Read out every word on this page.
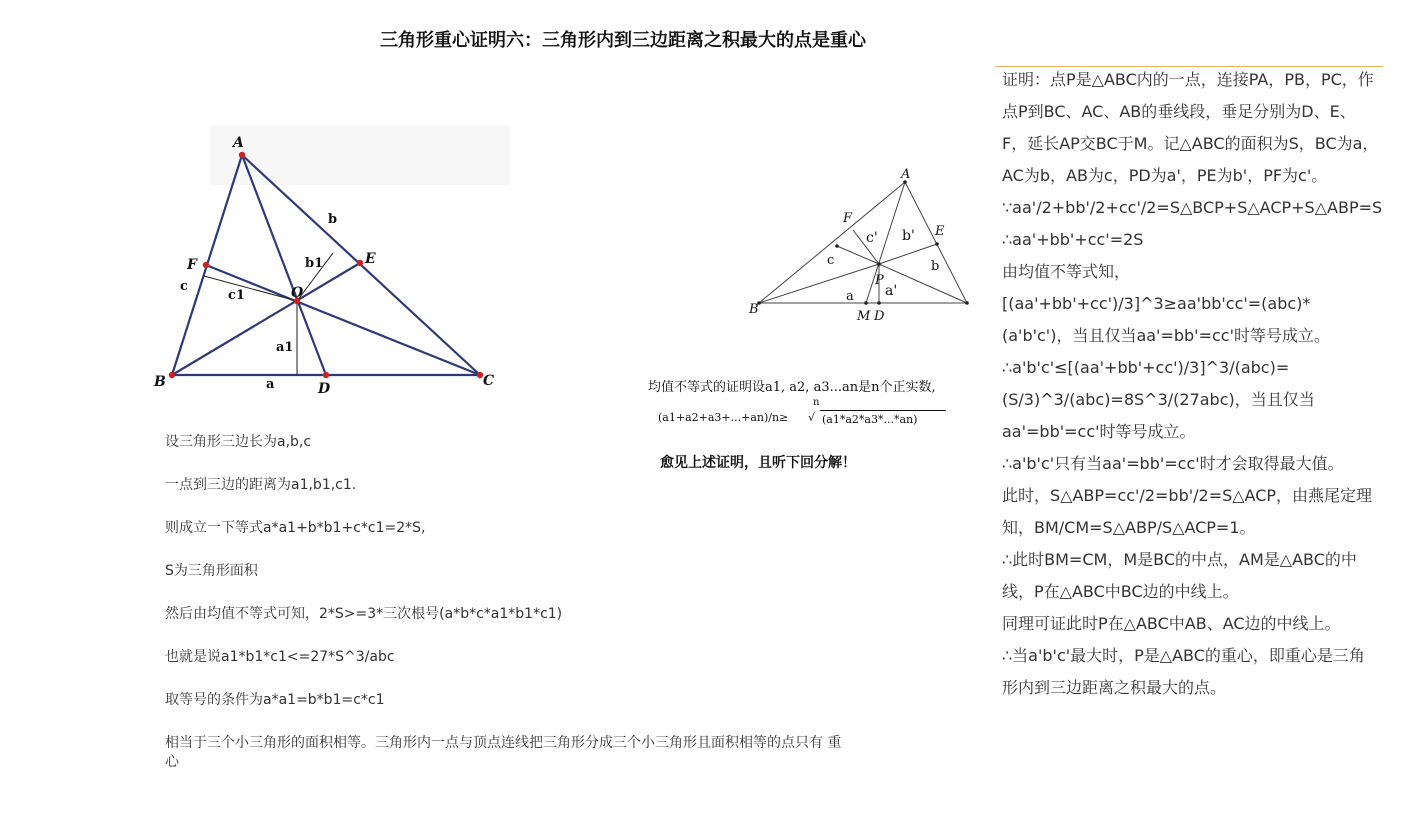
三角形重心证明六：三角形内到三边距离之积最大的点是重心
A
B	C
D
E
F
O
a
b
c
a1
b1
c1
A
B
E
F
P
M D
a
b
c
a'
b'
c'
均值不等式的证明设a1, a2, a3...an是n个正实数,
(a1+a2+a3+...+an)/n≥
n
√ (a1*a2*a3*...*an)
愈见上述证明，且听下回分解！

设三角形三边长为a,b,c

一点到三边的距离为a1,b1,c1.

则成立一下等式a*a1+b*b1+c*c1=2*S,

S为三角形面积

然后由均值不等式可知，2*S>=3*三次根号(a*b*c*a1*b1*c1)

也就是说a1*b1*c1<=27*S^3/abc

取等号的条件为a*a1=b*b1=c*c1

相当于三个小三角形的面积相等。三角形内一点与顶点连线把三角形分成三个小三角形且面积相等的点只有 重心

证明：点P是△ABC内的一点，连接PA，PB，PC，作点P到BC、AC、AB的垂线段，垂足分别为D、E、F，延长AP交BC于M。记△ABC的面积为S，BC为a，AC为b，AB为c，PD为a'，PE为b'，PF为c'。

∵aa'/2+bb'/2+cc'/2=S△BCP+S△ACP+S△ABP=S

∴aa'+bb'+cc'=2S

由均值不等式知，[(aa'+bb'+cc')/3]^3≥aa'bb'cc'=(abc)*(a'b'c')，当且仅当aa'=bb'=cc'时等号成立。

∴a'b'c'≤[(aa'+bb'+cc')/3]^3/(abc)=(S/3)^3/(abc)=8S^3/(27abc)，当且仅当aa'=bb'=cc'时等号成立。

∴a'b'c'只有当aa'=bb'=cc'时才会取得最大值。

此时，S△ABP=cc'/2=bb'/2=S△ACP，由燕尾定理知，BM/CM=S△ABP/S△ACP=1。

∴此时BM=CM，M是BC的中点，AM是△ABC的中线，P在△ABC中BC边的中线上。

同理可证此时P在△ABC中AB、AC边的中线上。

∴当a'b'c'最大时，P是△ABC的重心，即重心是三角形内到三边距离之积最大的点。
